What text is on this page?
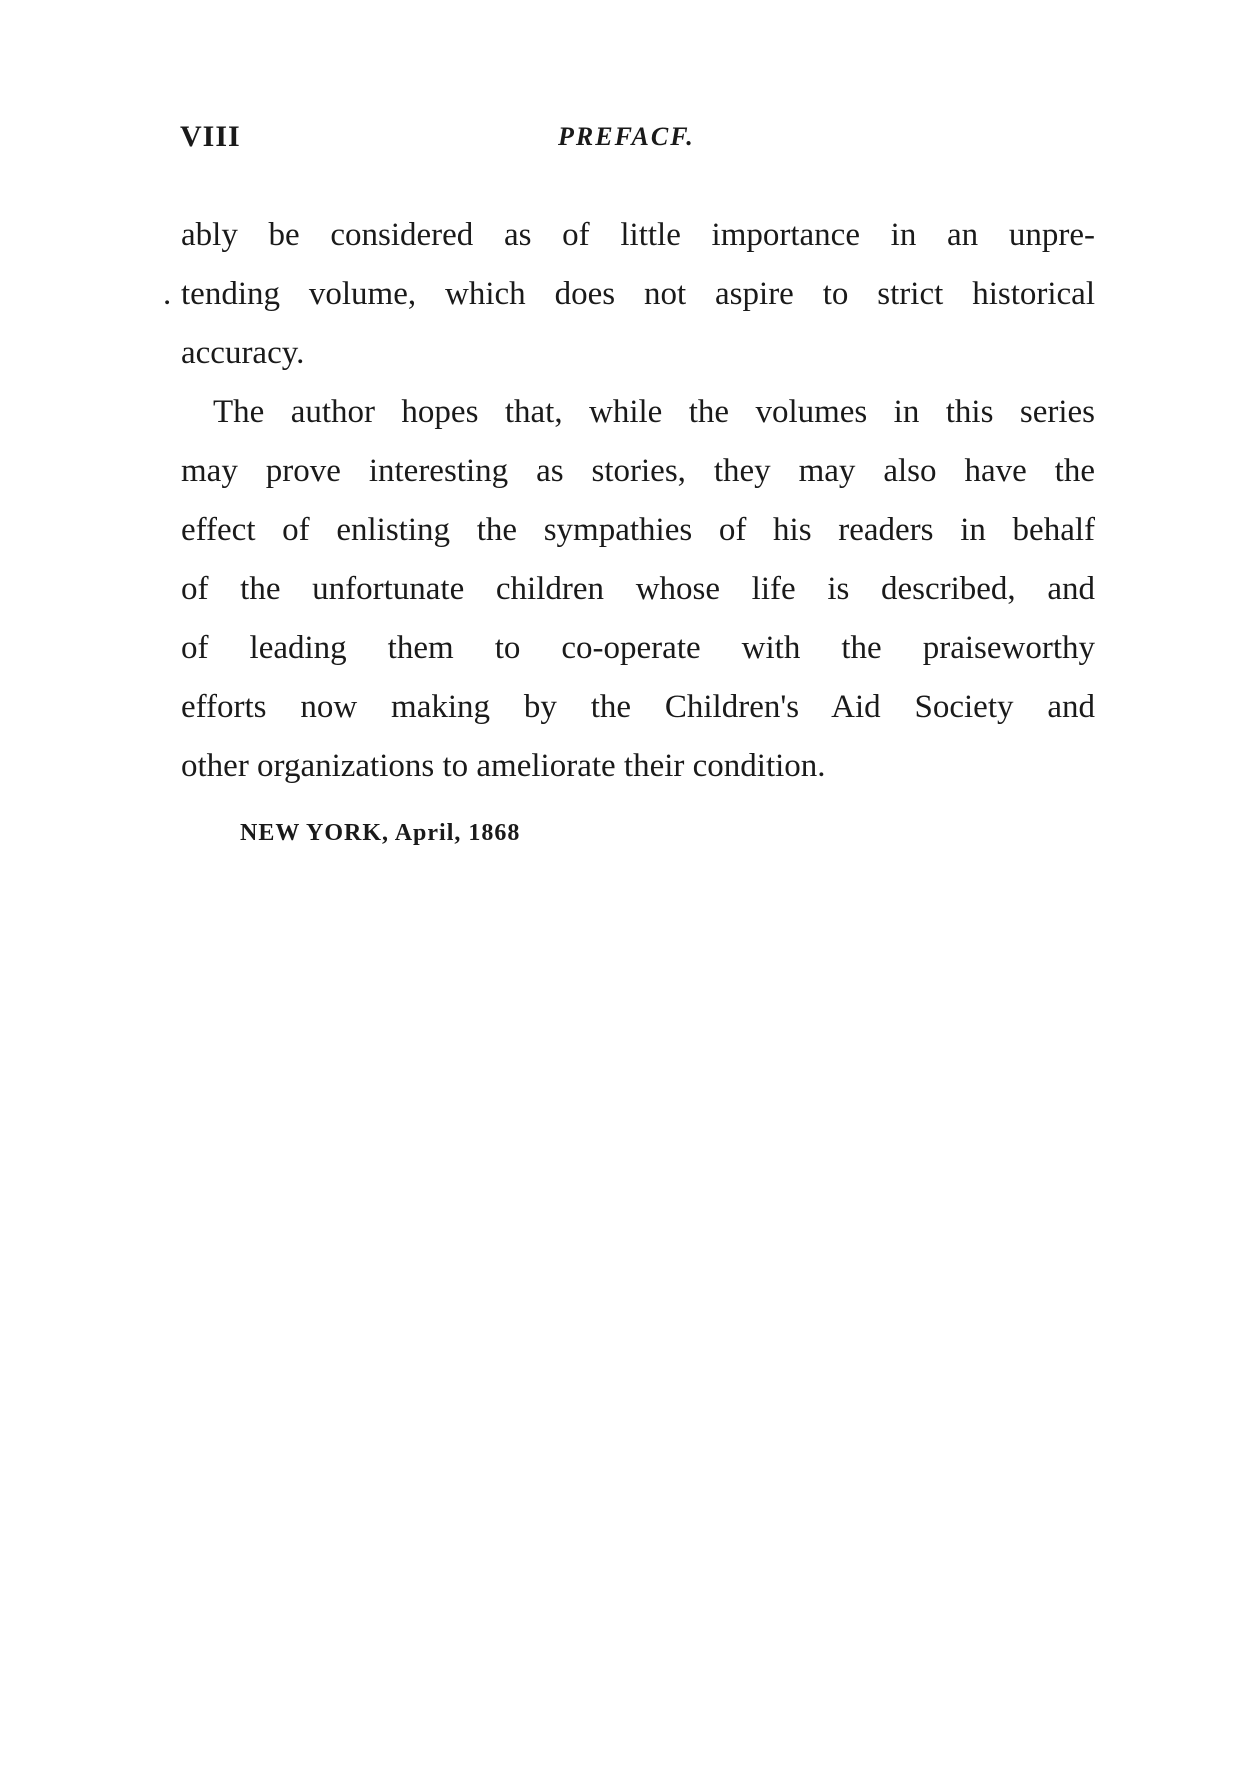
VIII	PREFACF.
.
ably be considered as of little importance in an unpre-
tending volume, which does not aspire to strict historical
accuracy.
The author hopes that, while the volumes in this series
may prove interesting as stories, they may also have the
effect of enlisting the sympathies of his readers in behalf
of the unfortunate children whose life is described, and
of leading them to co-operate with the praiseworthy
efforts now making by the Children's Aid Society and
other organizations to ameliorate their condition.
NEW YORK, April, 1868
